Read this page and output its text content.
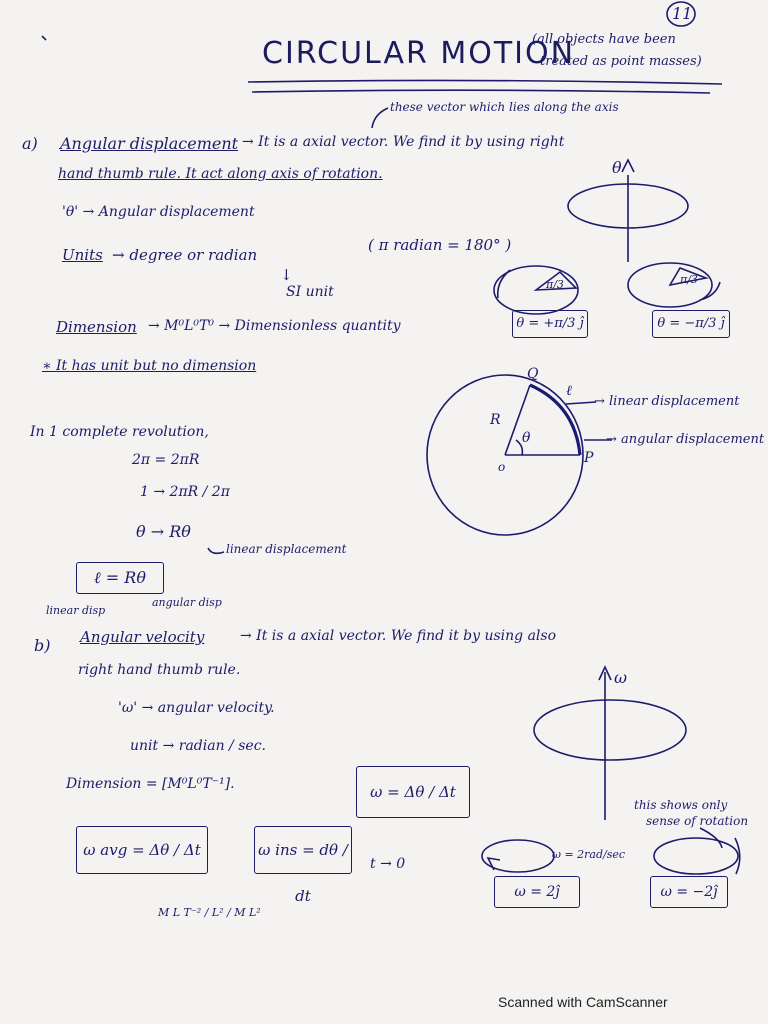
11
CIRCULAR MOTION
(all objects have been
treated as point masses)
these vector which lies along the axis
a) Angular displacement → It is a axial vector. We find it by using right
hand thumb rule. It act along axis of rotation.	θ
'θ' → Angular displacement
Units → degree or radian
( π radian = 180° )
↓
SI unit
Dimension → M⁰L⁰T⁰ → Dimensionless quantity
∗ It has unit but no dimension
π/3	π/3
θ = +π/3 ĵ	θ = −π/3 ĵ
Q
ℓ
R
θ
o
P
→ linear displacement
→ angular displacement
In 1 complete revolution,
2π = 2πR
1 → 2πR / 2π
θ → Rθ
linear displacement
ℓ = Rθ
linear disp
angular disp
b) Angular velocity	→ It is a axial vector. We find it by using also
right hand thumb rule.	ω
'ω' → angular velocity.
unit → radian / sec.
Dimension = [M⁰L⁰T⁻¹].	ω = Δθ / Δt
this shows only
sense of rotation
ω avg = Δθ / Δt	ω ins = dθ / dt
t → 0
ω = 2rad/sec
ω = 2ĵ	ω = −2ĵ
M L T⁻² / L² / M L²
Scanned with CamScanner
